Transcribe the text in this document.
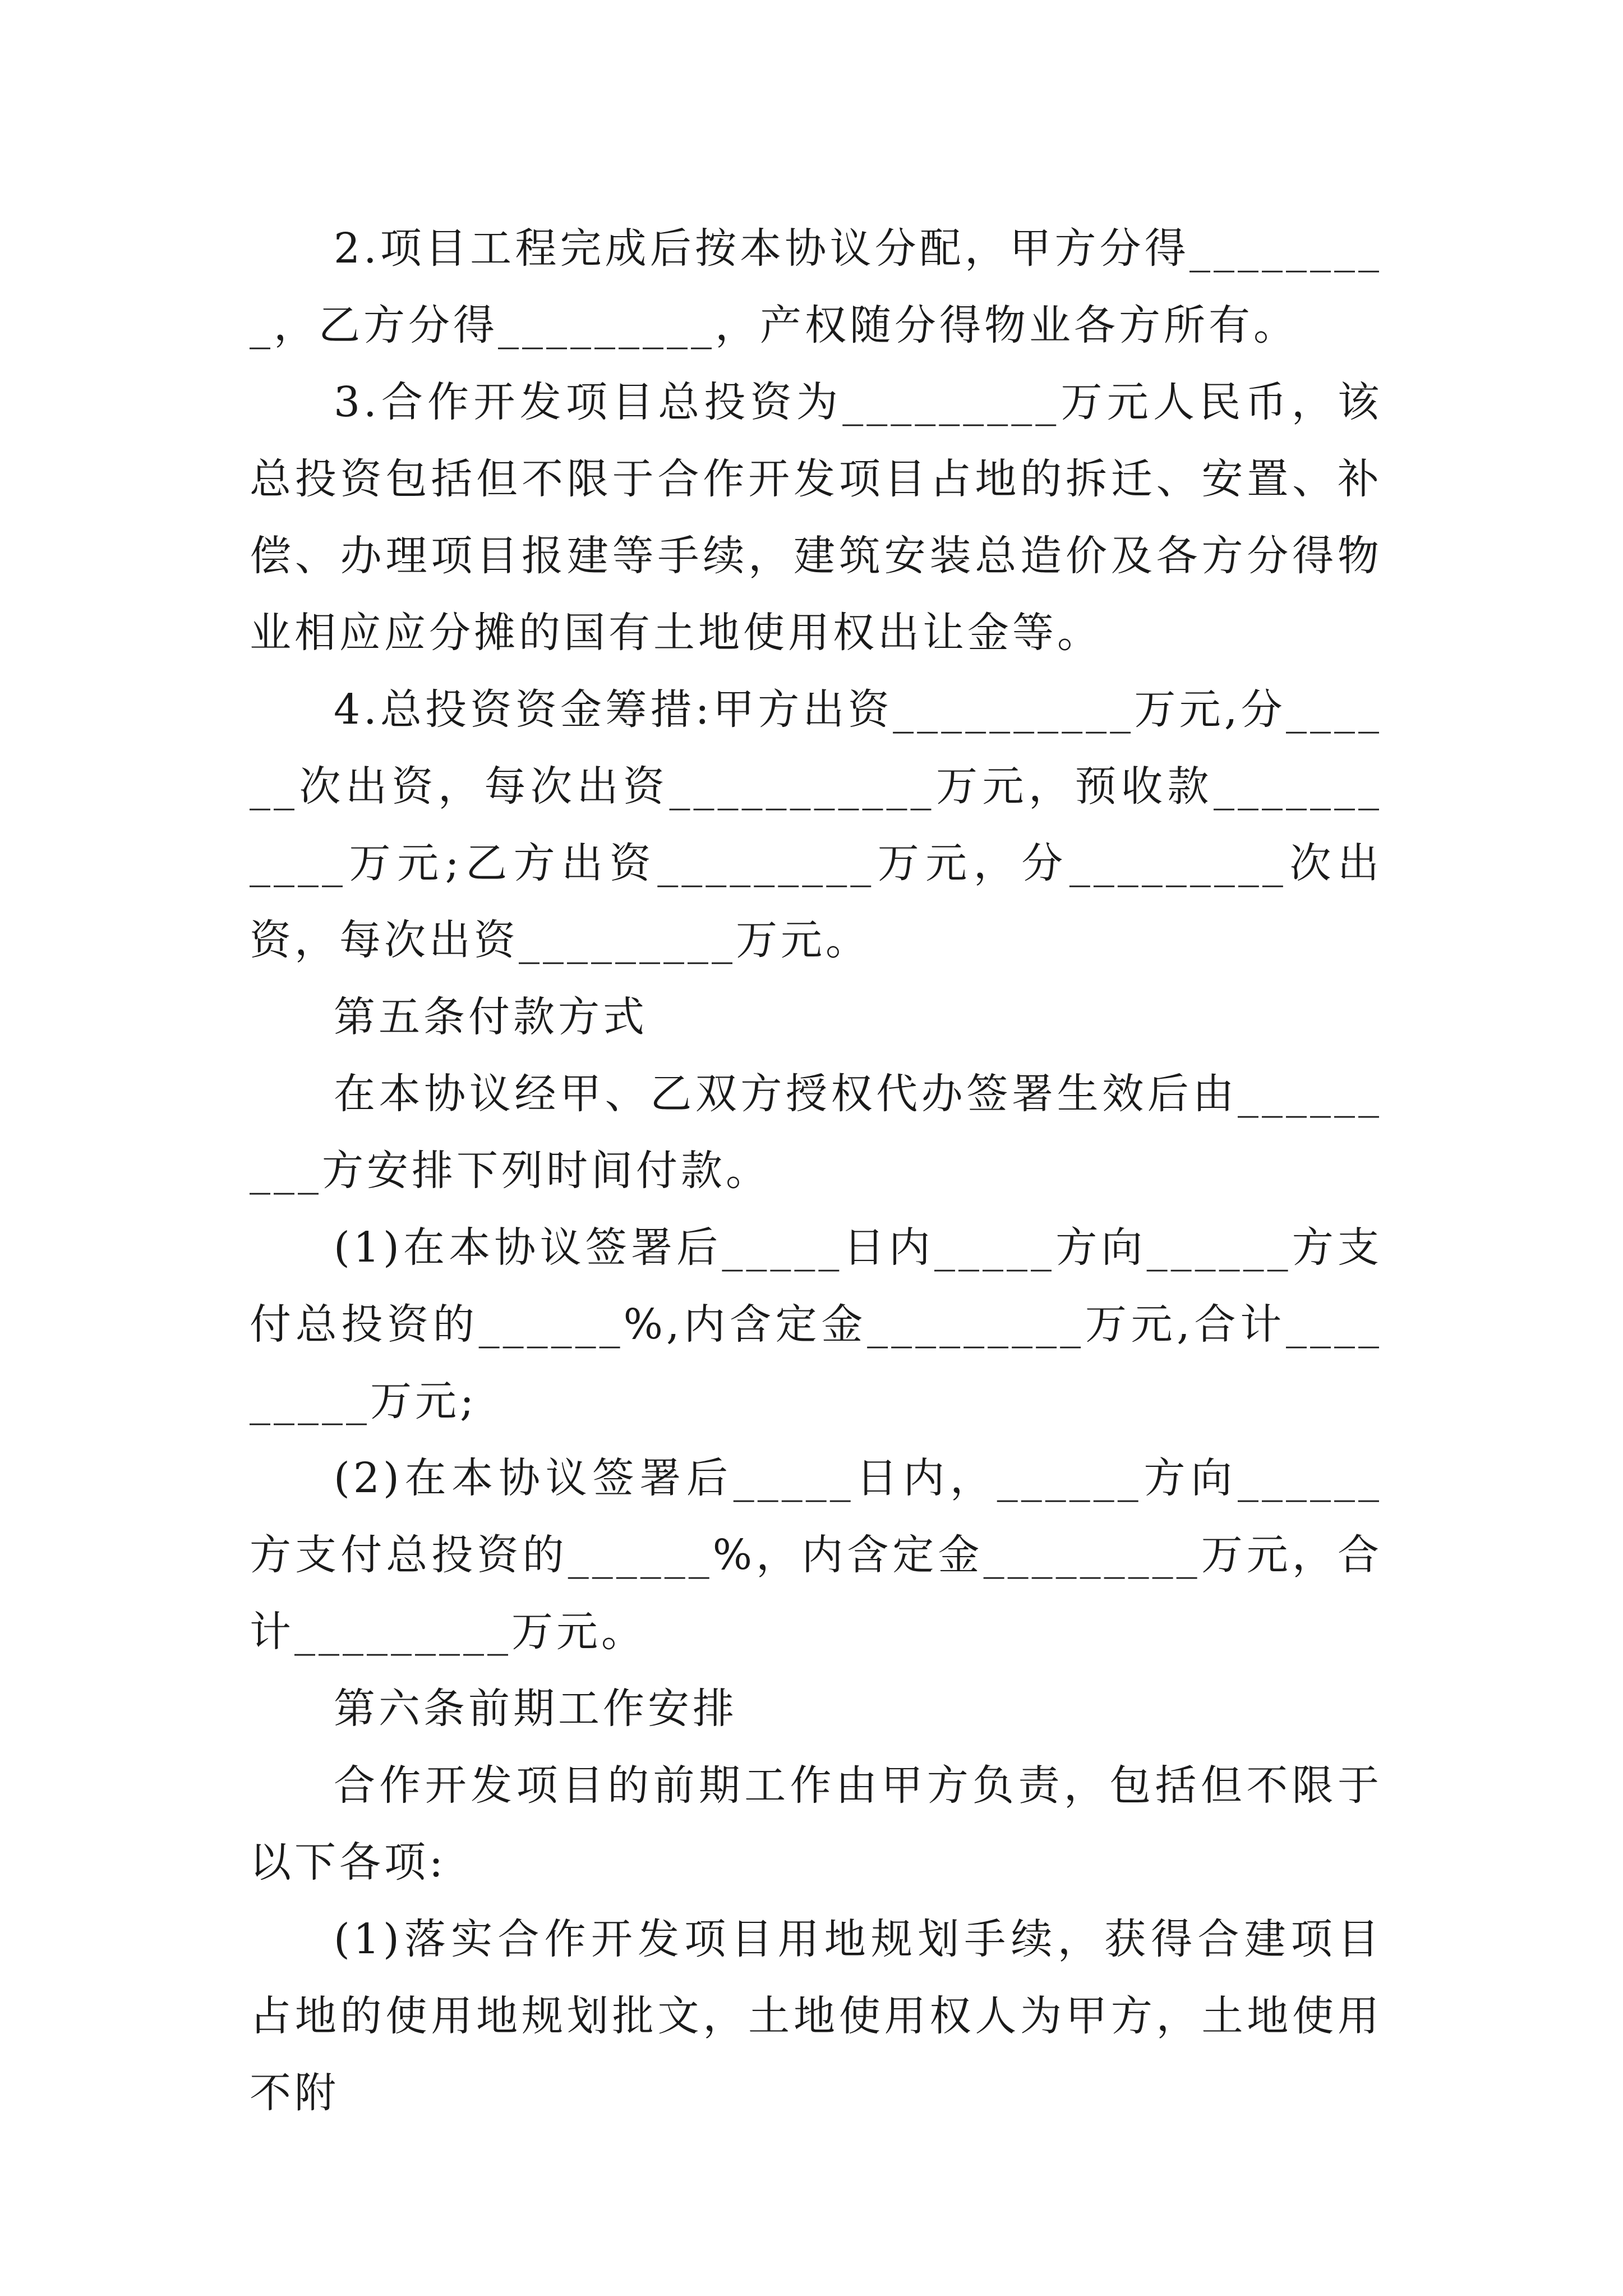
2.项目工程完成后按本协议分配，甲方分得_________，乙方分得_________，产权随分得物业各方所有。

3.合作开发项目总投资为_________万元人民币，该总投资包括但不限于合作开发项目占地的拆迁、安置、补偿、办理项目报建等手续，建筑安装总造价及各方分得物业相应应分摊的国有土地使用权出让金等。

4.总投资资金筹措:甲方出资__________万元,分______次出资，每次出资___________万元，预收款___________万元;乙方出资_________万元，分_________次出资，每次出资_________万元。

第五条付款方式

在本协议经甲、乙双方授权代办签署生效后由_________方安排下列时间付款。

(1)在本协议签署后_____日内_____方向______方支付总投资的______%,内含定金_________万元,合计_________万元;

(2)在本协议签署后_____日内，______方向______方支付总投资的______%，内含定金_________万元，合计_________万元。

第六条前期工作安排

合作开发项目的前期工作由甲方负责，包括但不限于以下各项:

(1)落实合作开发项目用地规划手续，获得合建项目占地的使用地规划批文，土地使用权人为甲方，土地使用不附
